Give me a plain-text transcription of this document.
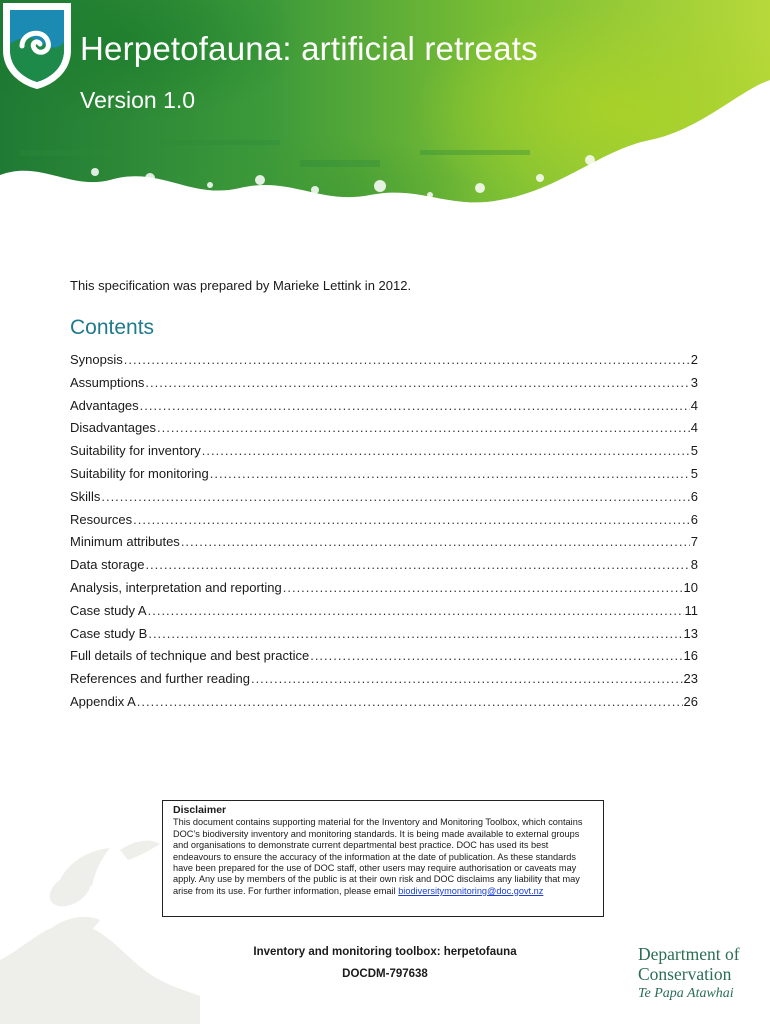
Herpetofauna: artificial retreats
Version 1.0
This specification was prepared by Marieke Lettink in 2012.
Contents
Synopsis .....	2
Assumptions .....	3
Advantages .....	4
Disadvantages .....	4
Suitability for inventory .....	5
Suitability for monitoring .....	5
Skills .....	6
Resources .....	6
Minimum attributes .....	7
Data storage .....	8
Analysis, interpretation and reporting .....	10
Case study A .....	11
Case study B .....	13
Full details of technique and best practice .....	16
References and further reading .....	23
Appendix A .....	26
Disclaimer
This document contains supporting material for the Inventory and Monitoring Toolbox, which contains DOC’s biodiversity inventory and monitoring standards. It is being made available to external groups and organisations to demonstrate current departmental best practice. DOC has used its best endeavours to ensure the accuracy of the information at the date of publication. As these standards have been prepared for the use of DOC staff, other users may require authorisation or caveats may apply. Any use by members of the public is at their own risk and DOC disclaims any liability that may arise from its use. For further information, please email biodiversitymonitoring@doc.govt.nz
Inventory and monitoring toolbox: herpetofauna
DOCDM-797638
Department of
Conservation
Te Papa Atawhai
